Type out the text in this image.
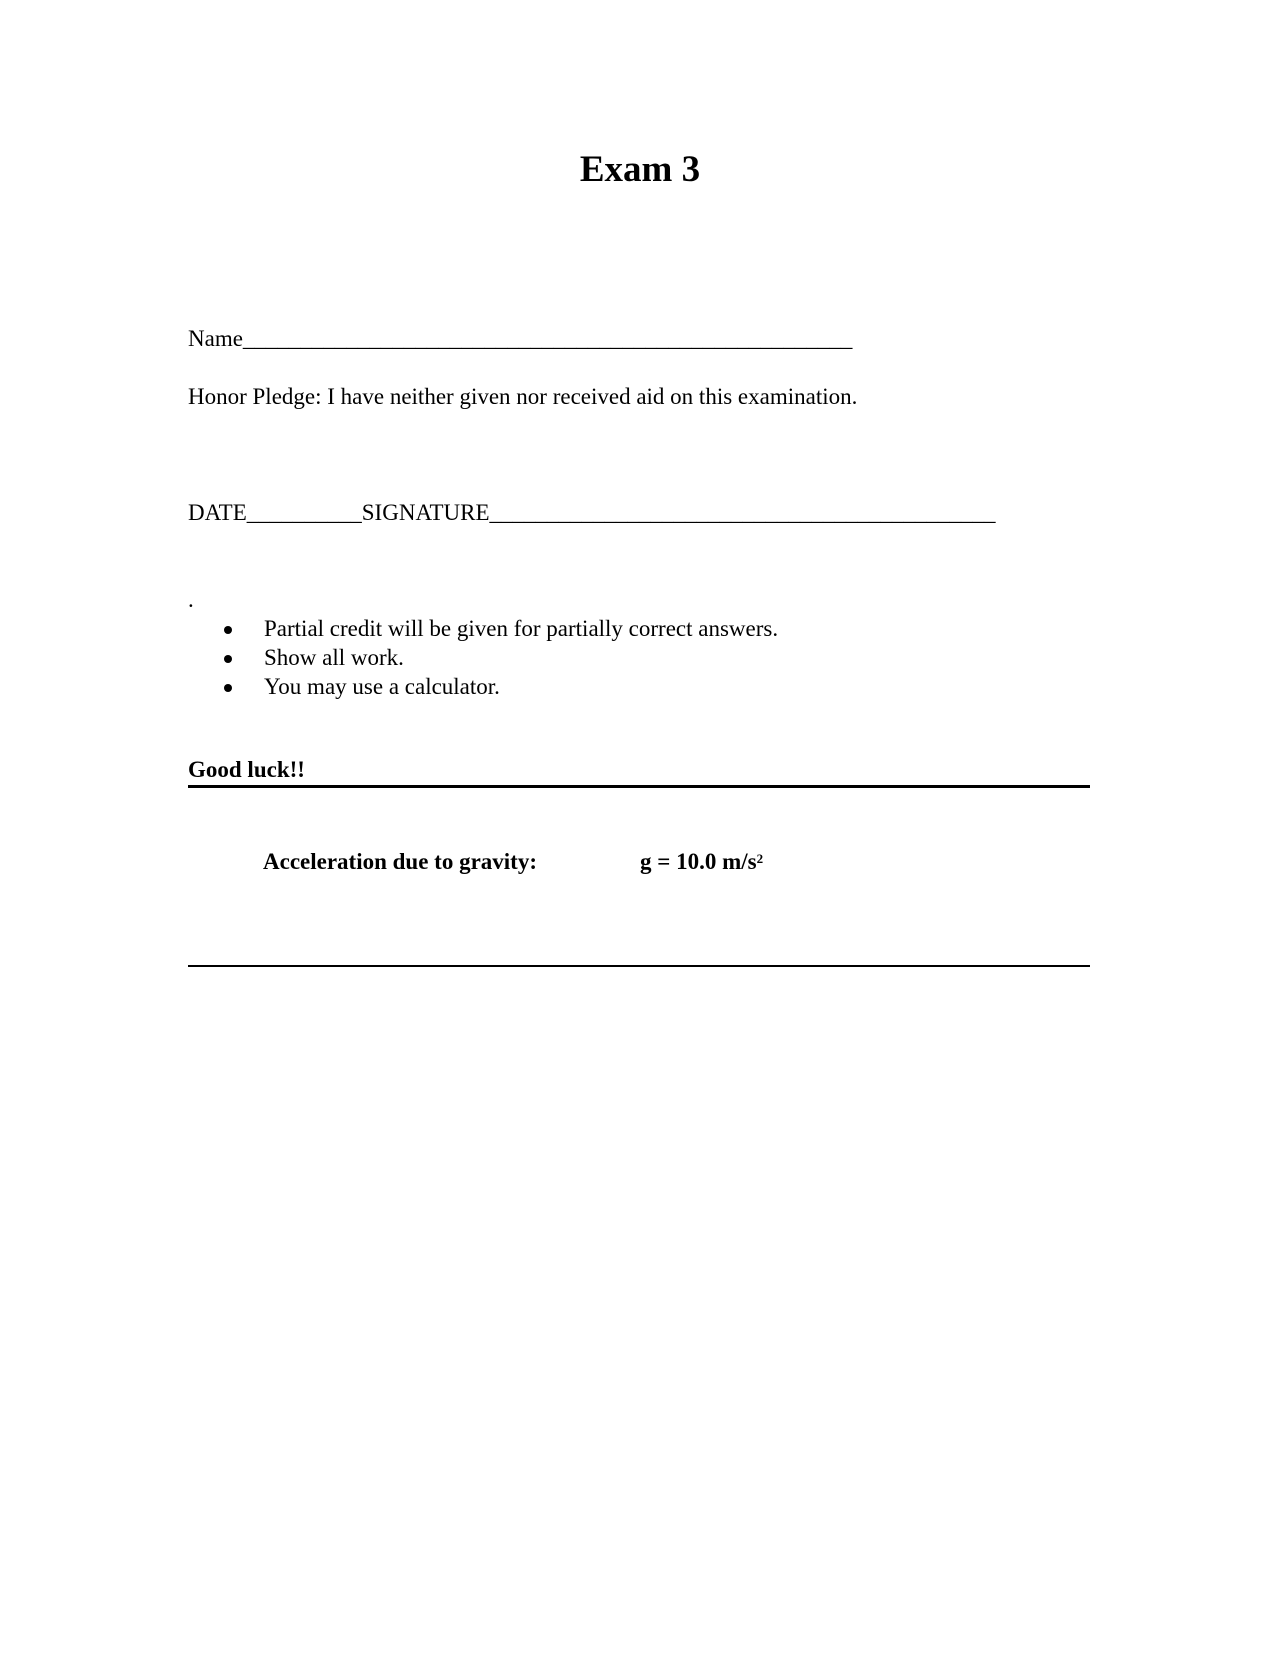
Exam 3
Name_____________________________________________________
Honor Pledge: I have neither given nor received aid on this examination.
DATE__________SIGNATURE____________________________________________
.
Partial credit will be given for partially correct answers.
Show all work.
You may use a calculator.
Good luck!!
Acceleration due to gravity:	g = 10.0 $m/s^2$
